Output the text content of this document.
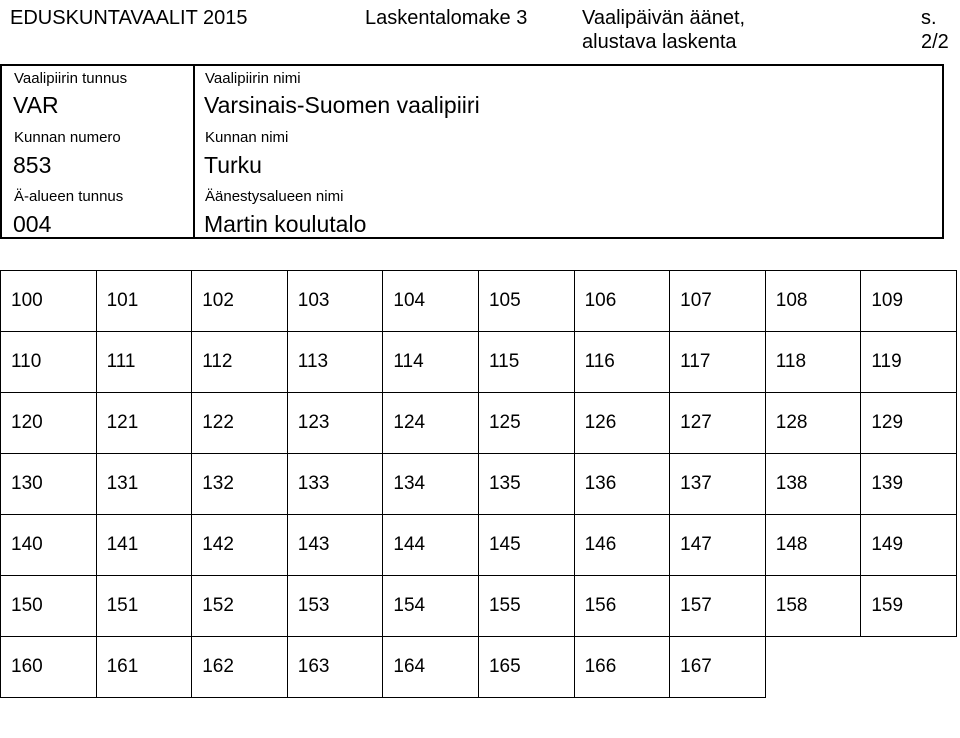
EDUSKUNTAVAALIT 2015	Laskentalomake 3	Vaalipäivän äänet,
alustava laskenta
s. 2/2
Vaalipiirin tunnus
VAR
Vaalipiirin nimi
Varsinais-Suomen vaalipiiri
Kunnan numero
853
Kunnan nimi
Turku
Ä-alueen tunnus
004
Äänestysalueen nimi
Martin koulutalo
100	101	102	103	104	105	106	107	108	109
110	111	112	113	114	115	116	117	118	119
120	121	122	123	124	125	126	127	128	129
130	131	132	133	134	135	136	137	138	139
140	141	142	143	144	145	146	147	148	149
150	151	152	153	154	155	156	157	158	159
160	161	162	163	164	165	166	167		
